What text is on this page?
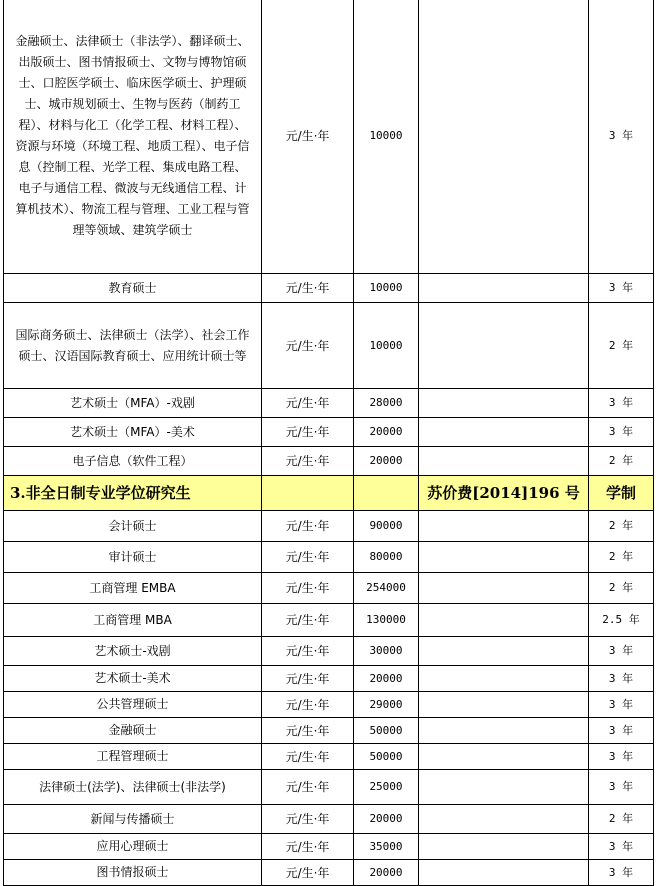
金融硕士、法律硕士（非法学）、翻译硕士、出版硕士、图书情报硕士、文物与博物馆硕士、口腔医学硕士、临床医学硕士、护理硕士、城市规划硕士、生物与医药（制药工程）、材料与化工（化学工程、材料工程）、资源与环境（环境工程、地质工程）、电子信息（控制工程、光学工程、集成电路工程、电子与通信工程、微波与无线通信工程、计算机技术）、物流工程与管理、工业工程与管理等领域、建筑学硕士	元/生·年	10000		3 年
教育硕士	元/生·年	10000		3 年
国际商务硕士、法律硕士（法学）、社会工作硕士、汉语国际教育硕士、应用统计硕士等	元/生·年	10000		2 年
艺术硕士（MFA）-戏剧	元/生·年	28000		3 年
艺术硕士（MFA）-美术	元/生·年	20000		3 年
电子信息（软件工程）	元/生·年	20000		2 年
3.非全日制专业学位研究生			苏价费[2014]196 号	学制
会计硕士	元/生·年	90000		2 年
审计硕士	元/生·年	80000		2 年
工商管理 EMBA	元/生·年	254000		2 年
工商管理 MBA	元/生·年	130000		2.5 年
艺术硕士-戏剧	元/生·年	30000		3 年
艺术硕士-美术	元/生·年	20000		3 年
公共管理硕士	元/生·年	29000		3 年
金融硕士	元/生·年	50000		3 年
工程管理硕士	元/生·年	50000		3 年
法律硕士(法学)、法律硕士(非法学)	元/生·年	25000		3 年
新闻与传播硕士	元/生·年	20000		2 年
应用心理硕士	元/生·年	35000		3 年
图书情报硕士	元/生·年	20000		3 年
